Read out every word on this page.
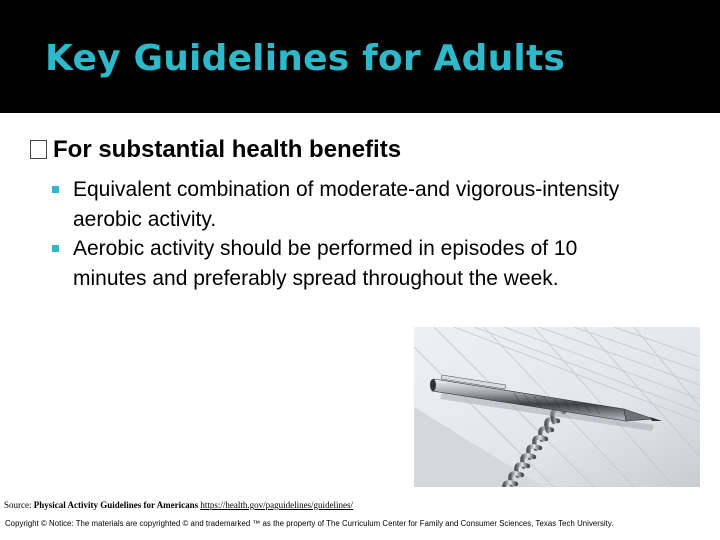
Key Guidelines for Adults
For substantial health benefits
Equivalent combination of moderate-and vigorous-intensity aerobic activity.
Aerobic activity should be performed in episodes of 10 minutes and preferably spread throughout the week.
Source: Physical Activity Guidelines for Americans https://health.gov/paguidelines/guidelines/
Copyright © Notice: The materials are copyrighted © and trademarked ™ as the property of The Curriculum Center for Family and Consumer Sciences, Texas Tech University.
